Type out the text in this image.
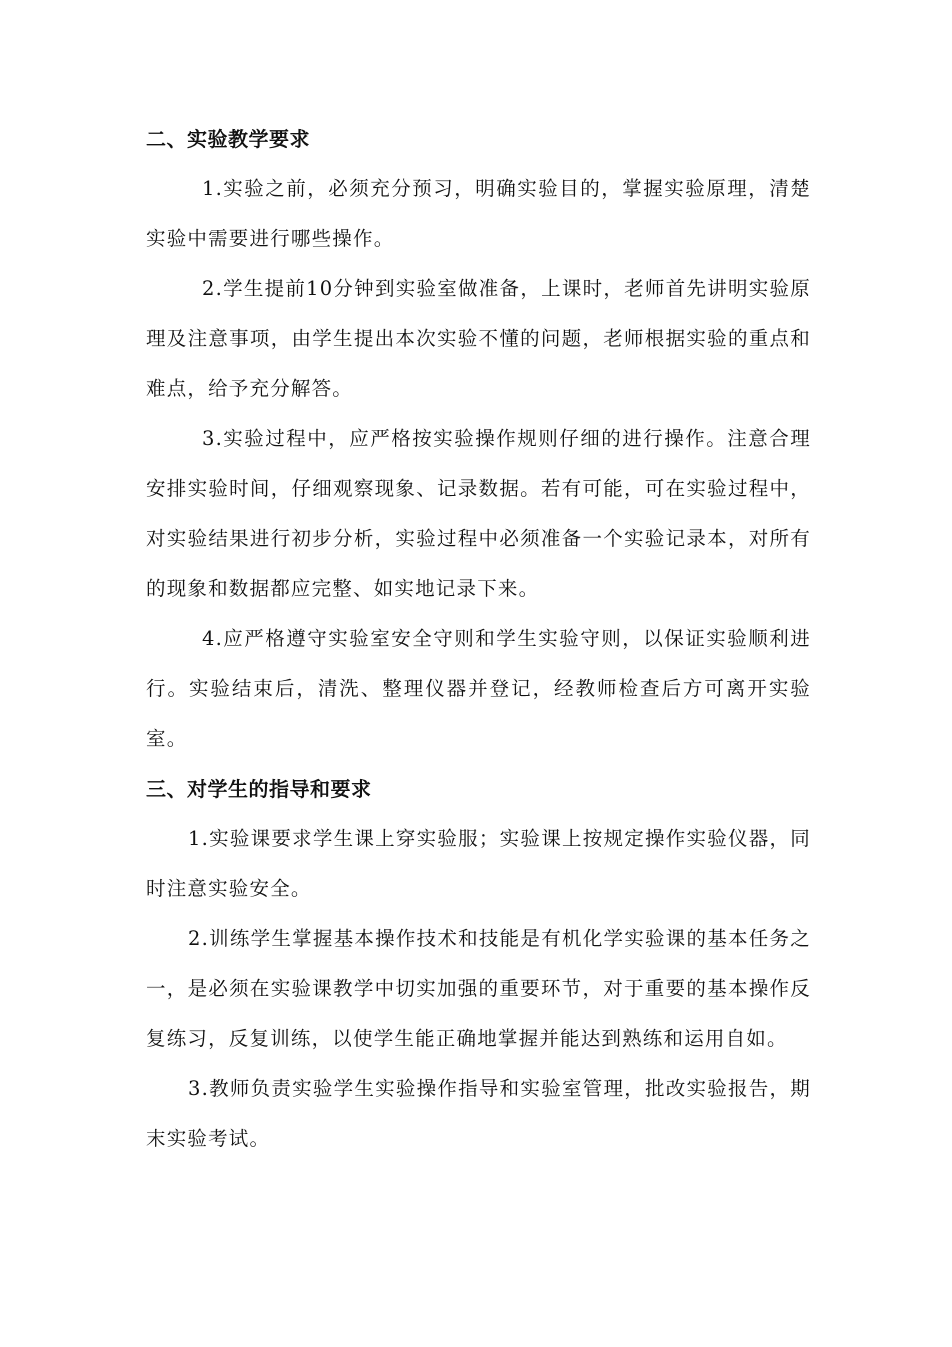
二、实验教学要求

1.实验之前，必须充分预习，明确实验目的，掌握实验原理，清楚实验中需要进行哪些操作。

2.学生提前10分钟到实验室做准备，上课时，老师首先讲明实验原理及注意事项，由学生提出本次实验不懂的问题，老师根据实验的重点和难点，给予充分解答。

3.实验过程中，应严格按实验操作规则仔细的进行操作。注意合理安排实验时间，仔细观察现象、记录数据。若有可能，可在实验过程中，对实验结果进行初步分析，实验过程中必须准备一个实验记录本，对所有的现象和数据都应完整、如实地记录下来。

4.应严格遵守实验室安全守则和学生实验守则，以保证实验顺利进行。实验结束后，清洗、整理仪器并登记，经教师检查后方可离开实验室。

三、对学生的指导和要求

1.实验课要求学生课上穿实验服；实验课上按规定操作实验仪器，同时注意实验安全。

2.训练学生掌握基本操作技术和技能是有机化学实验课的基本任务之一，是必须在实验课教学中切实加强的重要环节，对于重要的基本操作反复练习，反复训练，以使学生能正确地掌握并能达到熟练和运用自如。

3.教师负责实验学生实验操作指导和实验室管理，批改实验报告，期末实验考试。
